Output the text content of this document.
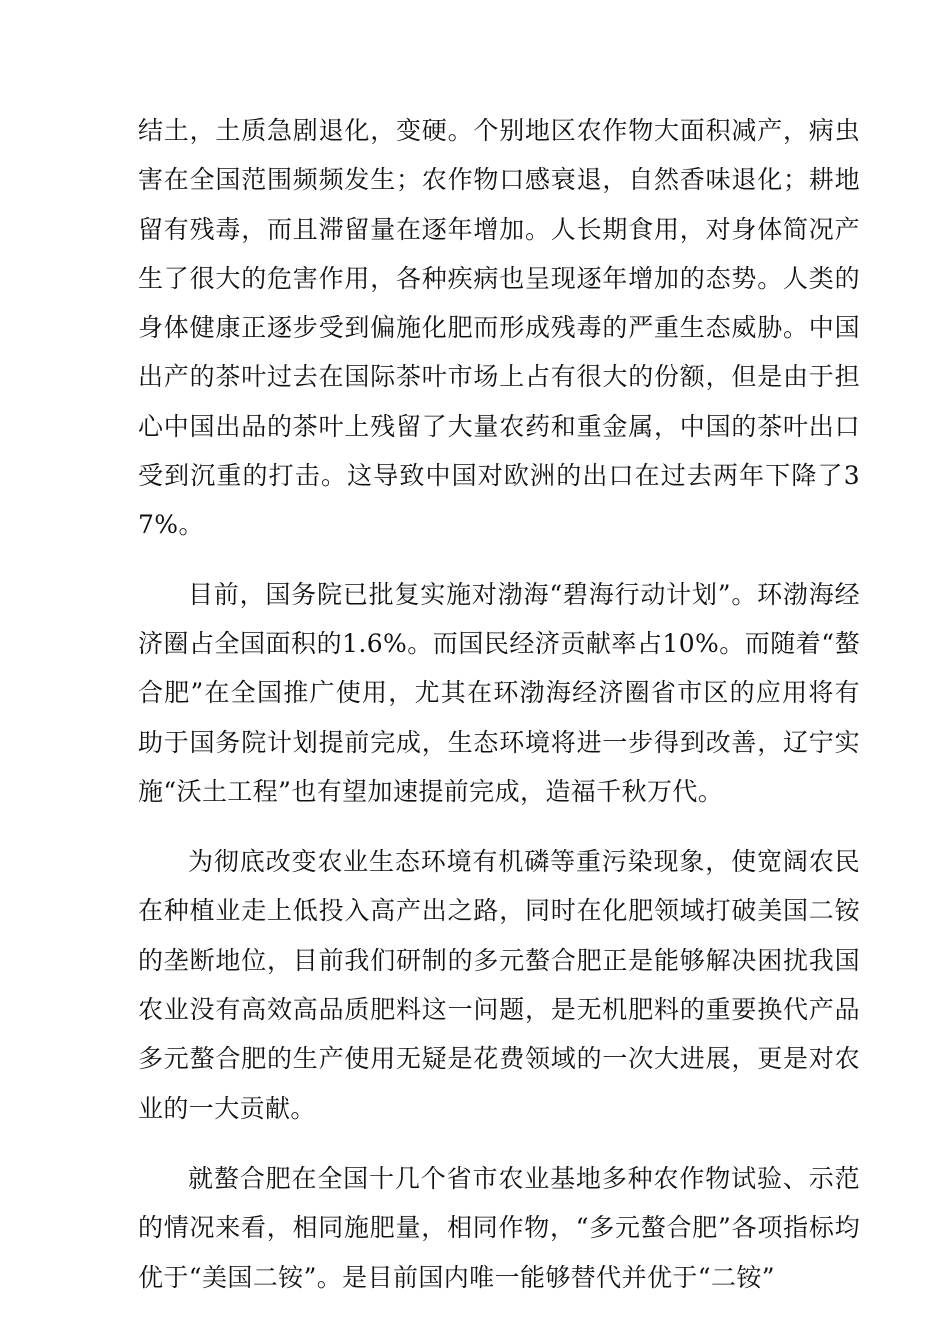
结土，土质急剧退化，变硬。个别地区农作物大面积减产，病虫害在全国范围频频发生；农作物口感衰退，自然香味退化；耕地留有残毒，而且滞留量在逐年增加。人长期食用，对身体简况产生了很大的危害作用，各种疾病也呈现逐年增加的态势。人类的身体健康正逐步受到偏施化肥而形成残毒的严重生态威胁。中国出产的茶叶过去在国际茶叶市场上占有很大的份额，但是由于担心中国出品的茶叶上残留了大量农药和重金属，中国的茶叶出口受到沉重的打击。这导致中国对欧洲的出口在过去两年下降了37%。

目前，国务院已批复实施对渤海“碧海行动计划”。环渤海经济圈占全国面积的1.6%。而国民经济贡献率占10%。而随着“螯合肥”在全国推广使用，尤其在环渤海经济圈省市区的应用将有助于国务院计划提前完成，生态环境将进一步得到改善，辽宁实施“沃土工程”也有望加速提前完成，造福千秋万代。

为彻底改变农业生态环境有机磷等重污染现象，使宽阔农民在种植业走上低投入高产出之路，同时在化肥领域打破美国二铵的垄断地位，目前我们研制的多元螯合肥正是能够解决困扰我国农业没有高效高品质肥料这一问题，是无机肥料的重要换代产品多元螯合肥的生产使用无疑是花费领域的一次大进展，更是对农业的一大贡献。

就螯合肥在全国十几个省市农业基地多种农作物试验、示范的情况来看，相同施肥量，相同作物，“多元螯合肥”各项指标均优于“美国二铵”。是目前国内唯一能够替代并优于“二铵”
